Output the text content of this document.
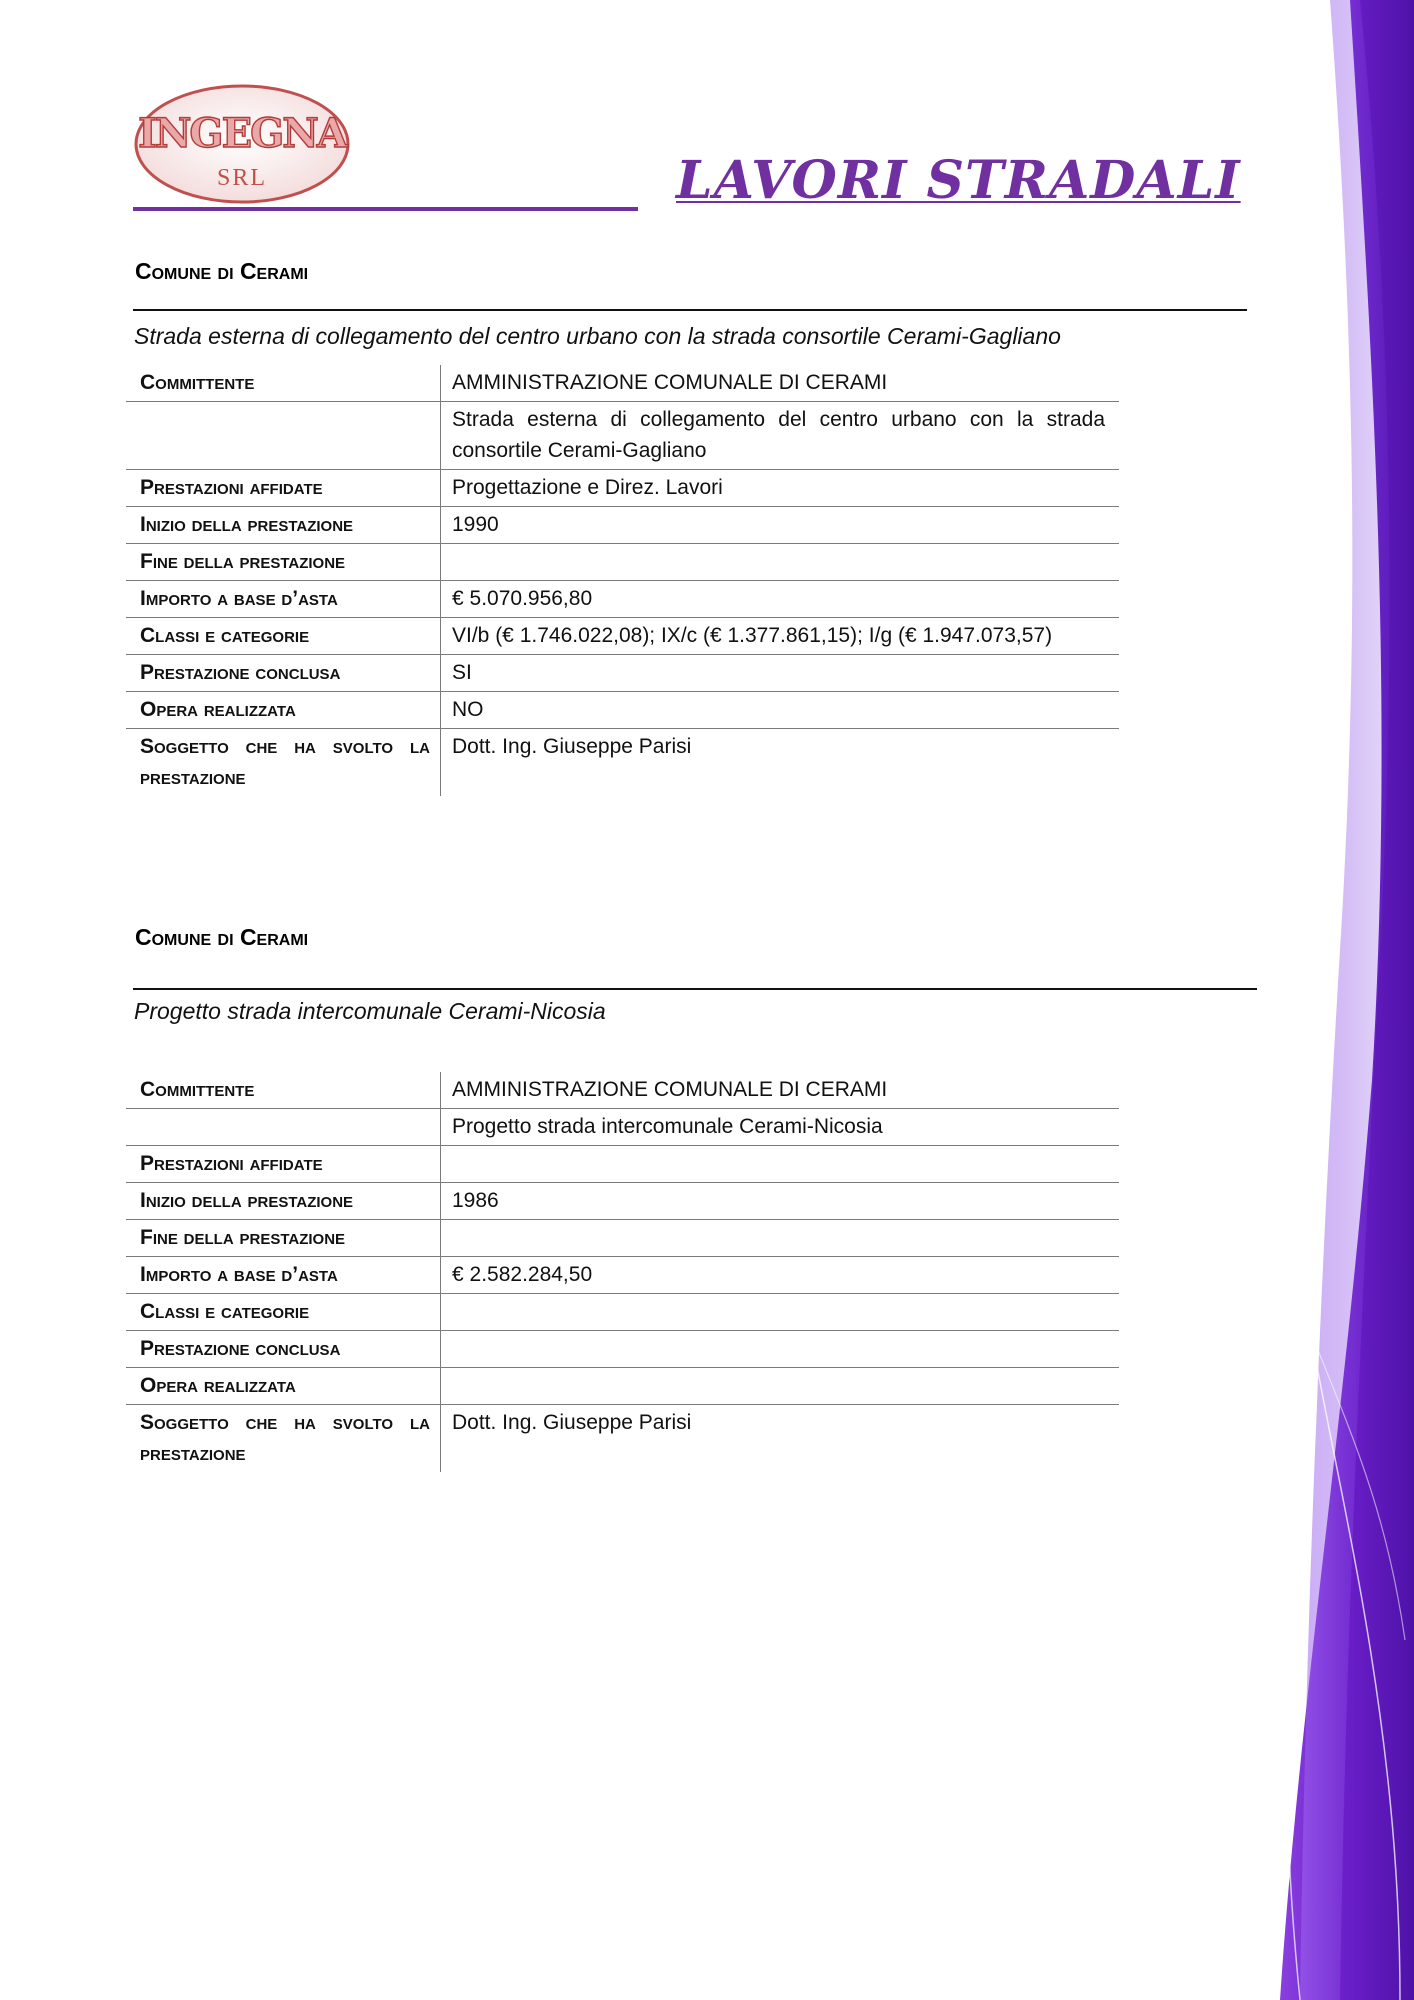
INGEGNA
SRL	LAVORI STRADALI
Comune di Cerami
Strada esterna di collegamento del centro urbano con la strada consortile Cerami-Gagliano
Committente	AMMINISTRAZIONE COMUNALE DI CERAMI
	Strada esterna di collegamento del centro urbano con la strada consortile Cerami-Gagliano
Prestazioni affidate	Progettazione e Direz. Lavori
Inizio della prestazione	1990
Fine della prestazione	
Importo a base d’asta	€ 5.070.956,80
Classi e categorie	VI/b (€ 1.746.022,08); IX/c (€ 1.377.861,15); I/g (€ 1.947.073,57)
Prestazione conclusa	SI
Opera realizzata	NO
Soggetto che ha svolto la prestazione	Dott. Ing. Giuseppe Parisi
Comune di Cerami
Progetto strada intercomunale Cerami-Nicosia
Committente	AMMINISTRAZIONE COMUNALE DI CERAMI
	Progetto strada intercomunale Cerami-Nicosia
Prestazioni affidate	
Inizio della prestazione	1986
Fine della prestazione	
Importo a base d’asta	€ 2.582.284,50
Classi e categorie	
Prestazione conclusa	
Opera realizzata	
Soggetto che ha svolto la prestazione	Dott. Ing. Giuseppe Parisi
